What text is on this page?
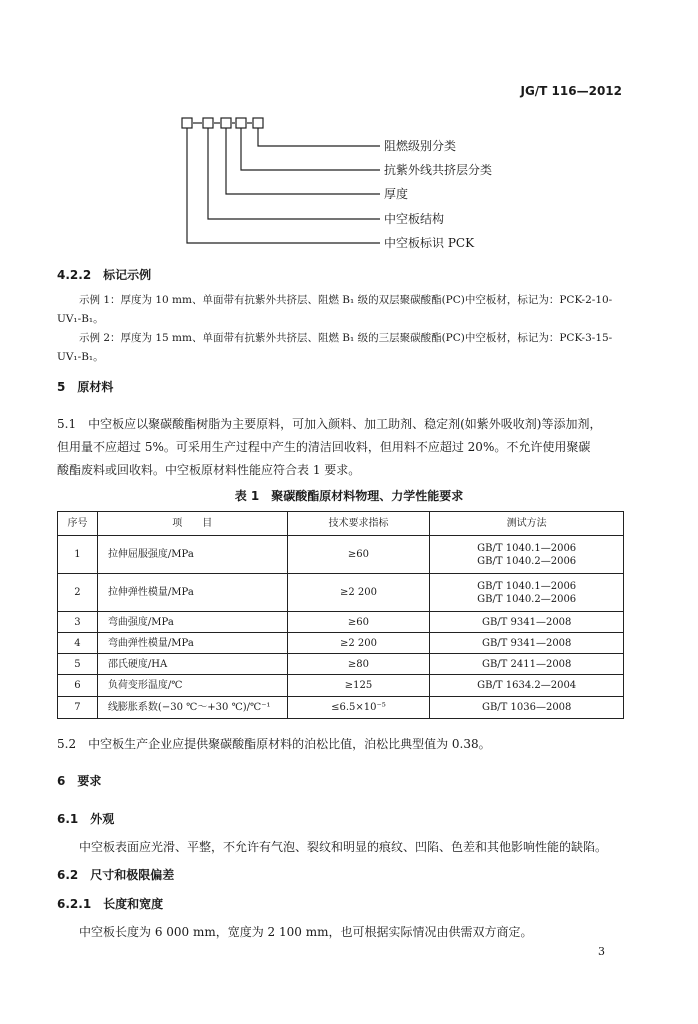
JG/T 116—2012
阻燃级别分类
抗紫外线共挤层分类
厚度
中空板结构
中空板标识 PCK
4.2.2　标记示例
示例 1：厚度为 10 mm、单面带有抗紫外共挤层、阻燃 B₁ 级的双层聚碳酸酯(PC)中空板材，标记为：PCK-2-10-
UV₁-B₁。
示例 2：厚度为 15 mm、单面带有抗紫外共挤层、阻燃 B₁ 级的三层聚碳酸酯(PC)中空板材，标记为：PCK-3-15-
UV₁-B₁。
5　原材料
5.1　中空板应以聚碳酸酯树脂为主要原料，可加入颜料、加工助剂、稳定剂(如紫外吸收剂)等添加剂，
但用量不应超过 5%。可采用生产过程中产生的清洁回收料，但用料不应超过 20%。不允许使用聚碳
酸酯废料或回收料。中空板原材料性能应符合表 1 要求。
表 1　聚碳酸酯原材料物理、力学性能要求
序号	项　　目	技术要求指标	测试方法
1	拉伸屈服强度/MPa	≥60	GB/T 1040.1—2006
GB/T 1040.2—2006

2	拉伸弹性模量/MPa	≥2 200	GB/T 1040.1—2006
GB/T 1040.2—2006

3	弯曲强度/MPa	≥60	GB/T 9341—2008
4	弯曲弹性模量/MPa	≥2 200	GB/T 9341—2008
5	邵氏硬度/HA	≥80	GB/T 2411—2008
6	负荷变形温度/℃	≥125	GB/T 1634.2—2004
7	线膨胀系数(−30 ℃～+30 ℃)/℃⁻¹	≤6.5×10⁻⁵	GB/T 1036—2008
5.2　中空板生产企业应提供聚碳酸酯原材料的泊松比值，泊松比典型值为 0.38。
6　要求
6.1　外观
中空板表面应光滑、平整，不允许有气泡、裂纹和明显的痕纹、凹陷、色差和其他影响性能的缺陷。
6.2　尺寸和极限偏差
6.2.1　长度和宽度
中空板长度为 6 000 mm，宽度为 2 100 mm，也可根据实际情况由供需双方商定。
3
